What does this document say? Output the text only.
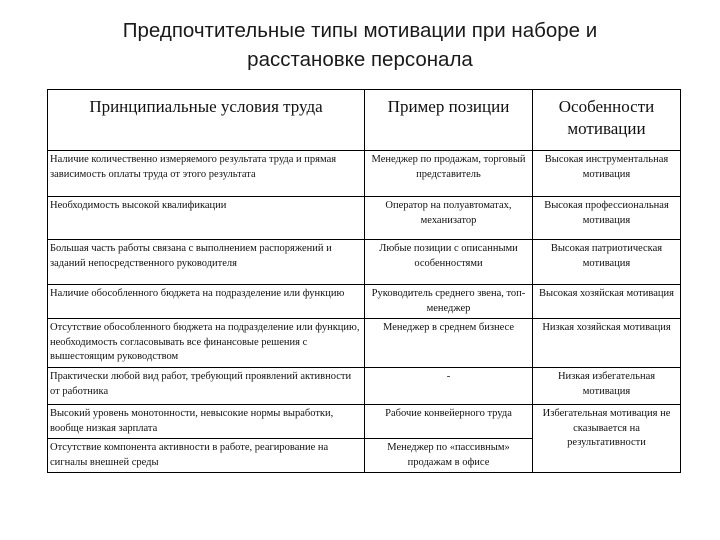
Предпочтительные типы мотивации при наборе и
расстановке персонала
Принципиальные условия труда	Пример позиции	Особенности мотивации
Наличие количественно измеряемого результата труда и прямая зависимость оплаты труда от этого результата	Менеджер по продажам, торговый представитель	Высокая инструментальная мотивация
Необходимость высокой квалификации	Оператор на полуавтоматах, механизатор	Высокая профессиональная мотивация
Большая часть работы связана с выполнением распоряжений и заданий непосредственного руководителя	Любые позиции с описанными особенностями	Высокая патриотическая мотивация
Наличие обособленного бюджета на подразделение или функцию	Руководитель среднего звена, топ-менеджер	Высокая хозяйская мотивация
Отсутствие обособленного бюджета на подразделение или функцию, необходимость согласовывать все финансовые решения с вышестоящим руководством	Менеджер в среднем бизнесе	Низкая хозяйская мотивация
Практически любой вид работ, требующий проявлений активности от работника	-	Низкая избегательная мотивация
Высокий уровень монотонности, невысокие нормы выработки, вообще низкая зарплата	Рабочие конвейерного труда	Избегательная мотивация не сказывается на результативности
Отсутствие компонента активности в работе, реагирование на сигналы внешней среды	Менеджер по «пассивным» продажам в офисе	
